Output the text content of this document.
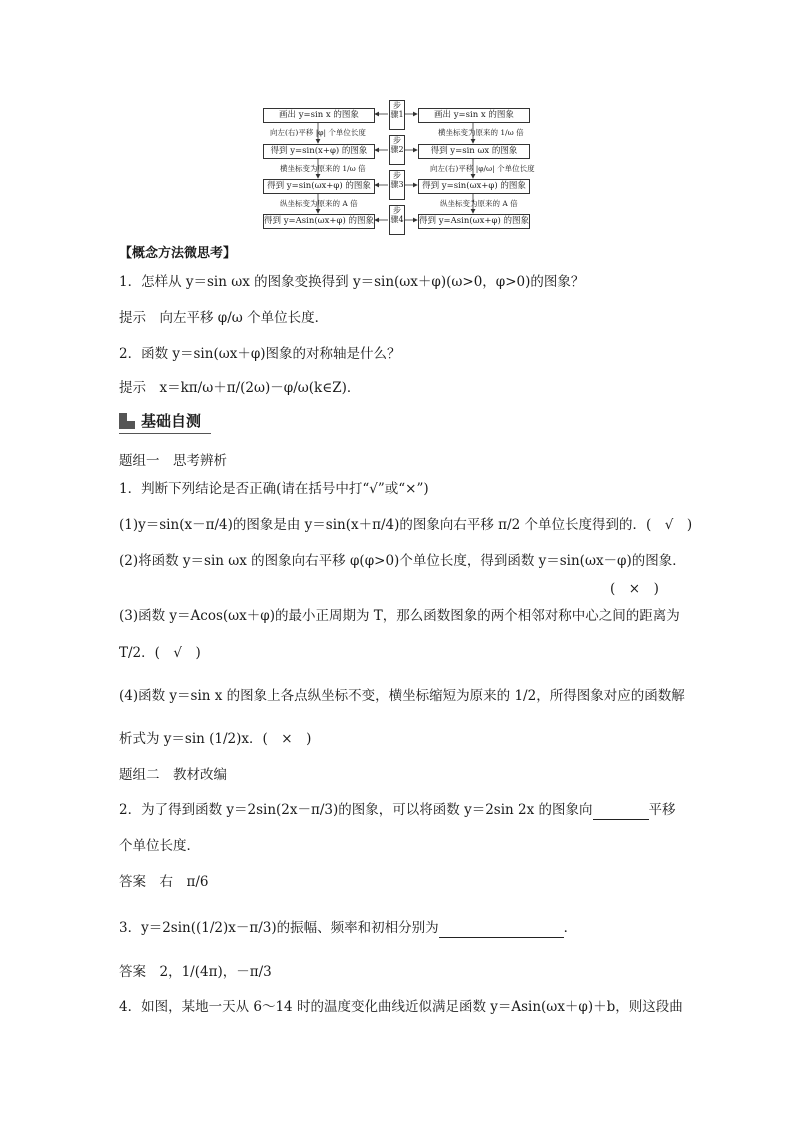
画出 y=sin x 的图象
得到 y=sin(x+φ) 的图象
得到 y=sin(ωx+φ) 的图象
得到 y=Asin(ωx+φ) 的图象
向左(右)平移 |φ| 个单位长度
横坐标变为原来的 1/ω 倍
纵坐标变为原来的 A 倍
步骤1
步骤2
步骤3
步骤4
画出 y=sin x 的图象
得到 y=sin ωx 的图象
得到 y=sin(ωx+φ) 的图象
得到 y=Asin(ωx+φ) 的图象
横坐标变为原来的 1/ω 倍
向左(右)平移 |φ/ω| 个单位长度
纵坐标变为原来的 A 倍
【概念方法微思考】
1．怎样从 y＝sin ωx 的图象变换得到 y＝sin(ωx＋φ)(ω>0，φ>0)的图象？
提示　向左平移 φ/ω 个单位长度．
2．函数 y＝sin(ωx＋φ)图象的对称轴是什么？
提示　x＝kπ/ω＋π/(2ω)－φ/ω(k∈Z)．
基础自测
题组一　思考辨析
1．判断下列结论是否正确(请在括号中打“√”或“×”)
(1)y＝sin(x－π/4)的图象是由 y＝sin(x＋π/4)的图象向右平移 π/2 个单位长度得到的．(　√　)
(2)将函数 y＝sin ωx 的图象向右平移 φ(φ>0)个单位长度，得到函数 y＝sin(ωx－φ)的图象．
(　×　)
(3)函数 y＝Acos(ωx＋φ)的最小正周期为 T，那么函数图象的两个相邻对称中心之间的距离为
T/2．(　√　)
(4)函数 y＝sin x 的图象上各点纵坐标不变，横坐标缩短为原来的 1/2，所得图象对应的函数解
析式为 y＝sin (1/2)x．(　×　)
题组二　教材改编
2．为了得到函数 y＝2sin(2x－π/3)的图象，可以将函数 y＝2sin 2x 的图象向	平移
个单位长度．
答案　右　π/6
3．y＝2sin((1/2)x－π/3)的振幅、频率和初相分别为	．
答案　2，1/(4π)，－π/3
4．如图，某地一天从 6～14 时的温度变化曲线近似满足函数 y＝Asin(ωx＋φ)＋b，则这段曲
